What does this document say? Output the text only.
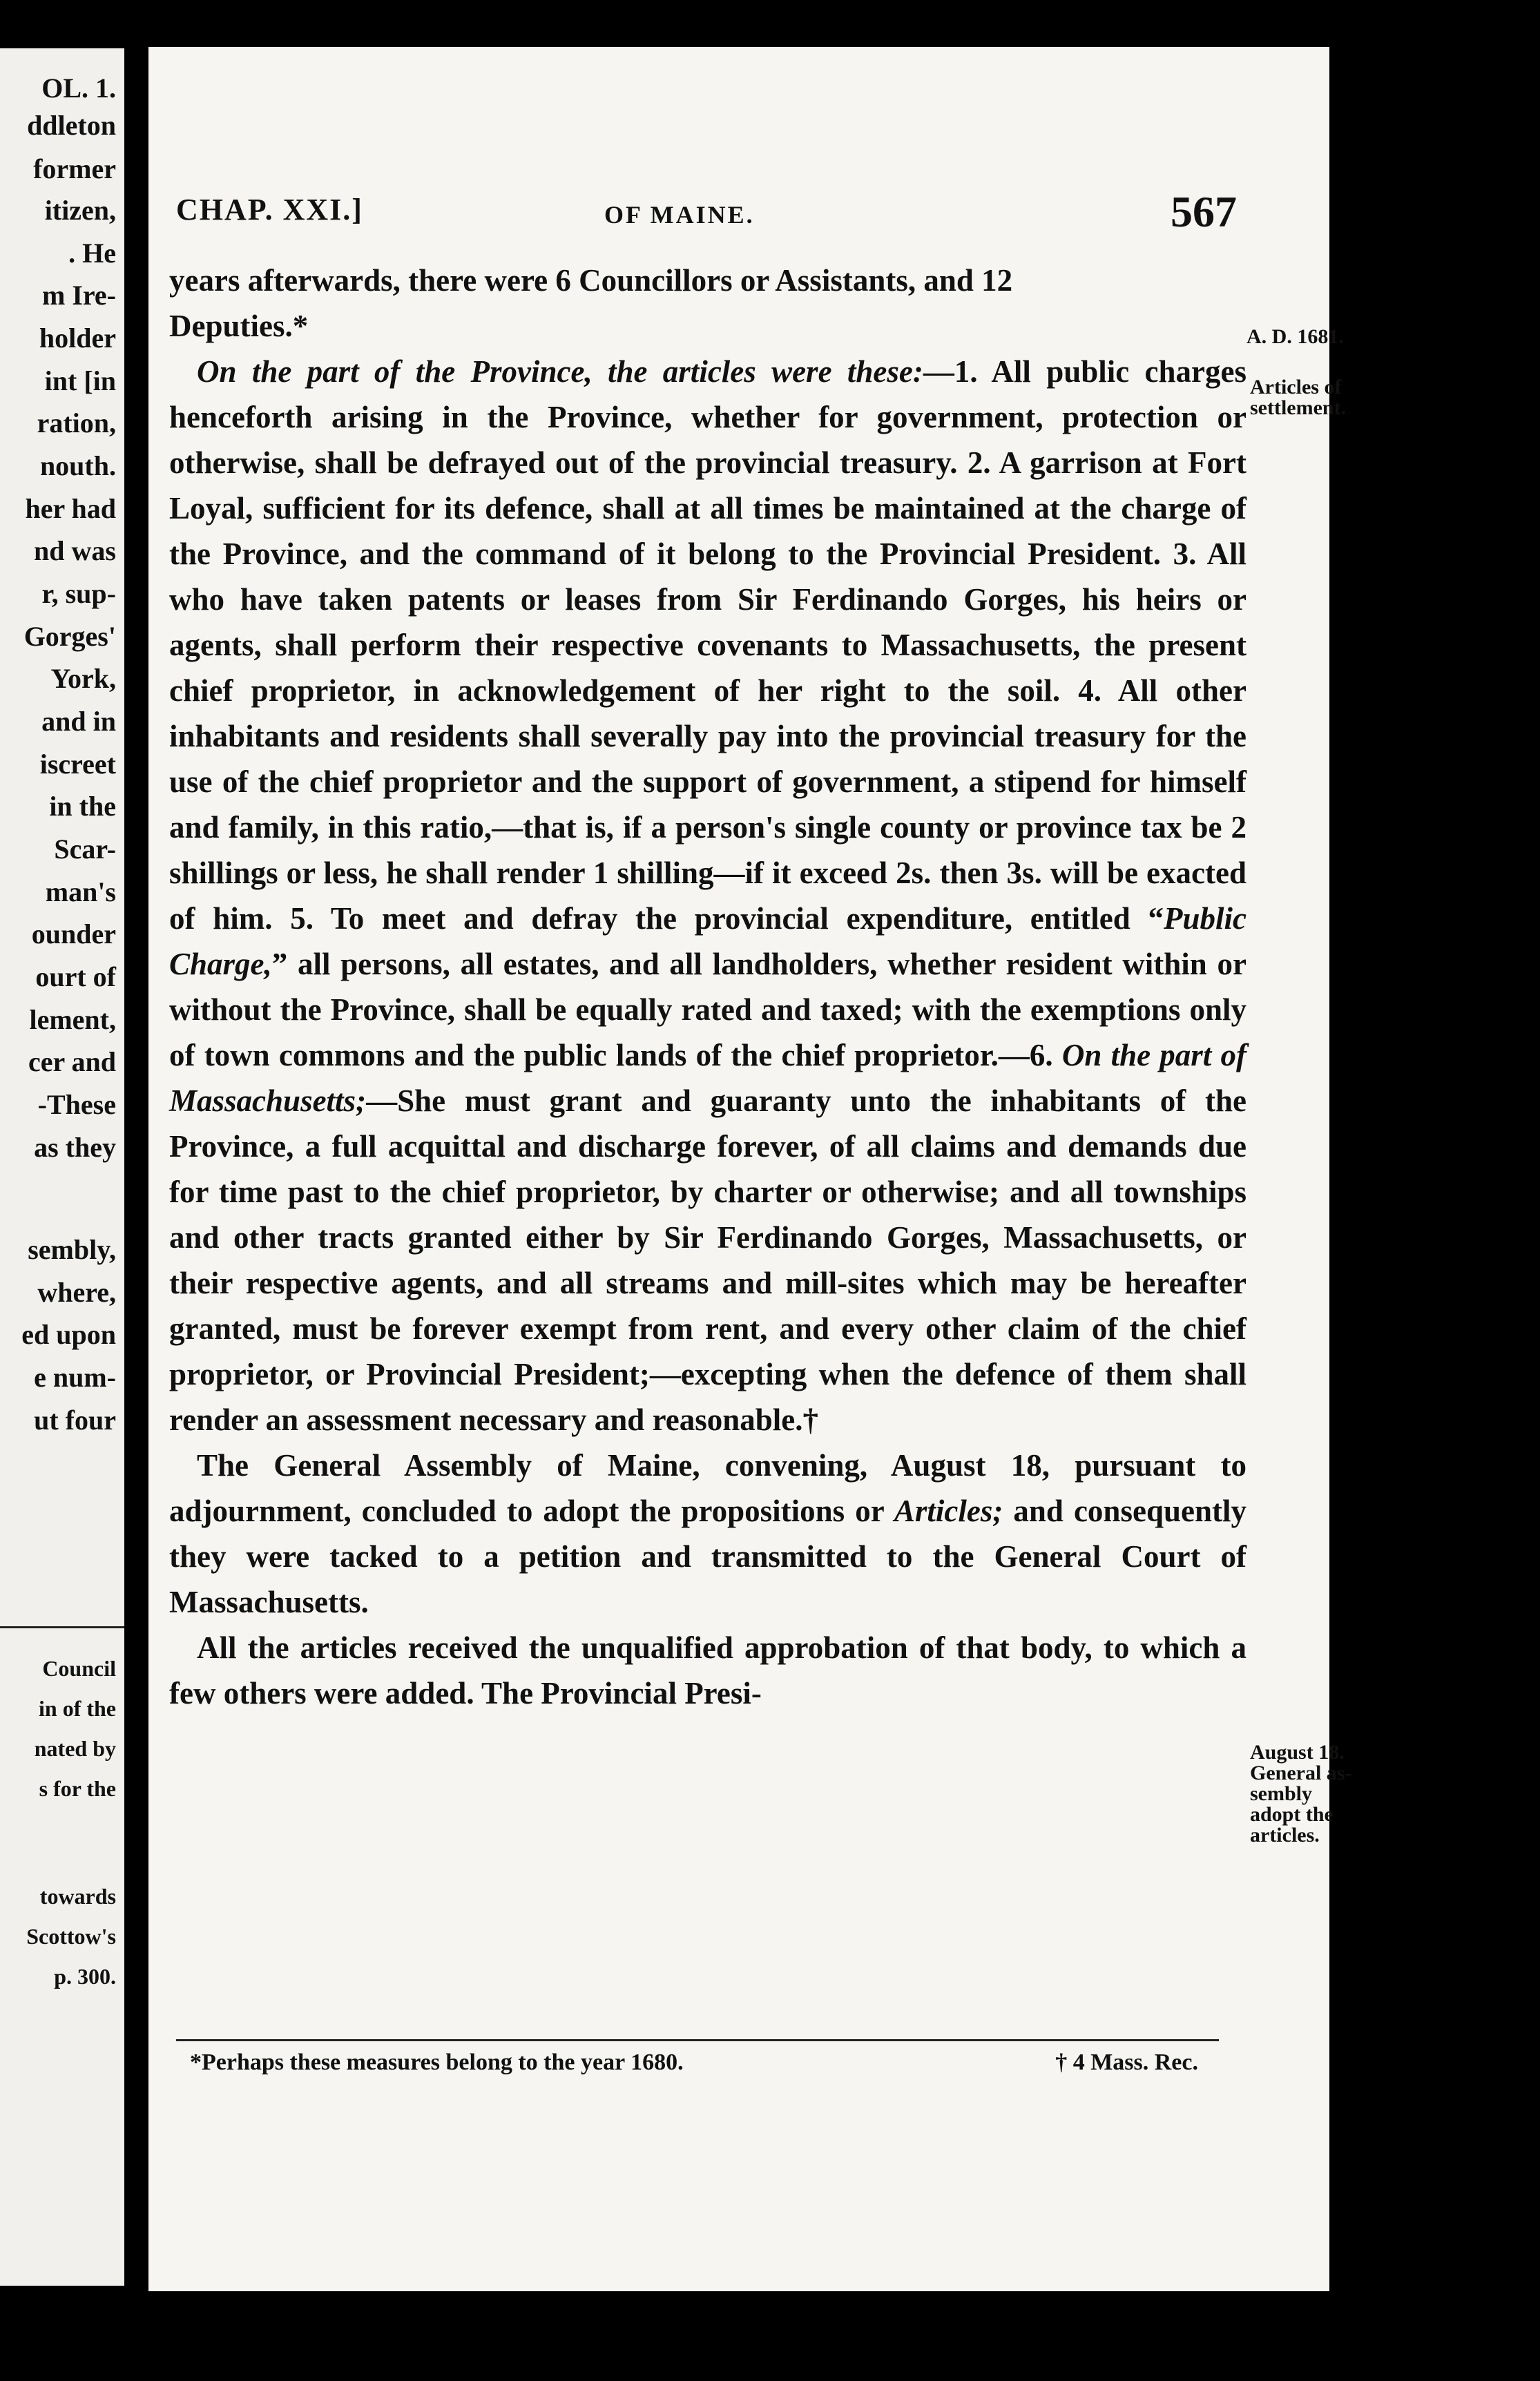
OL. 1.
ddleton
former
itizen,
. He
m Ire-
holder
int [in
ration,
nouth.
her had
nd was
r, sup-
Gorges'
York,
and in
iscreet
in the
Scar-
man's
ounder
ourt of
lement,
cer and
-These
as they
sembly,
where,
ed upon
e num-
ut four
Council
in of the
nated by
s for the
towards
Scottow's
p. 300.
CHAP. XXI.]	OF MAINE.	567

years afterwards, there were 6 Councillors or Assistants, and 12
Deputies.*

On the part of the Province, the articles were these:—1. All public charges henceforth arising in the Province, whether for government, protection or otherwise, shall be defrayed out of the provincial treasury. 2. A garrison at Fort Loyal, sufficient for its defence, shall at all times be maintained at the charge of the Province, and the command of it belong to the Provincial President. 3. All who have taken patents or leases from Sir Ferdinando Gorges, his heirs or agents, shall perform their respective covenants to Massachusetts, the present chief proprietor, in acknowledgement of her right to the soil. 4. All other inhabitants and residents shall severally pay into the provincial treasury for the use of the chief proprietor and the support of government, a stipend for himself and family, in this ratio,—that is, if a person's single county or province tax be 2 shillings or less, he shall render 1 shilling—if it exceed 2s. then 3s. will be exacted of him. 5. To meet and defray the provincial expenditure, entitled “Public Charge,” all persons, all estates, and all landholders, whether resident within or without the Province, shall be equally rated and taxed; with the exemptions only of town commons and the public lands of the chief proprietor.—6. On the part of Massachusetts;—She must grant and guaranty unto the inhabitants of the Province, a full acquittal and discharge forever, of all claims and demands due for time past to the chief proprietor, by charter or otherwise; and all townships and other tracts granted either by Sir Ferdinando Gorges, Massachusetts, or their respective agents, and all streams and mill-sites which may be hereafter granted, must be forever exempt from rent, and every other claim of the chief proprietor, or Provincial President;—excepting when the defence of them shall render an assessment necessary and reasonable.†

The General Assembly of Maine, convening, August 18, pursuant to adjournment, concluded to adopt the propositions or Articles; and consequently they were tacked to a petition and transmitted to the General Court of Massachusetts.

All the articles received the unqualified approbation of that body, to which a few others were added. The Provincial Presi-

A. D. 1681.
Articles of
settlement.
August 18.
General as-
sembly
adopt the
articles.
*Perhaps these measures belong to the year 1680.	† 4 Mass. Rec.
